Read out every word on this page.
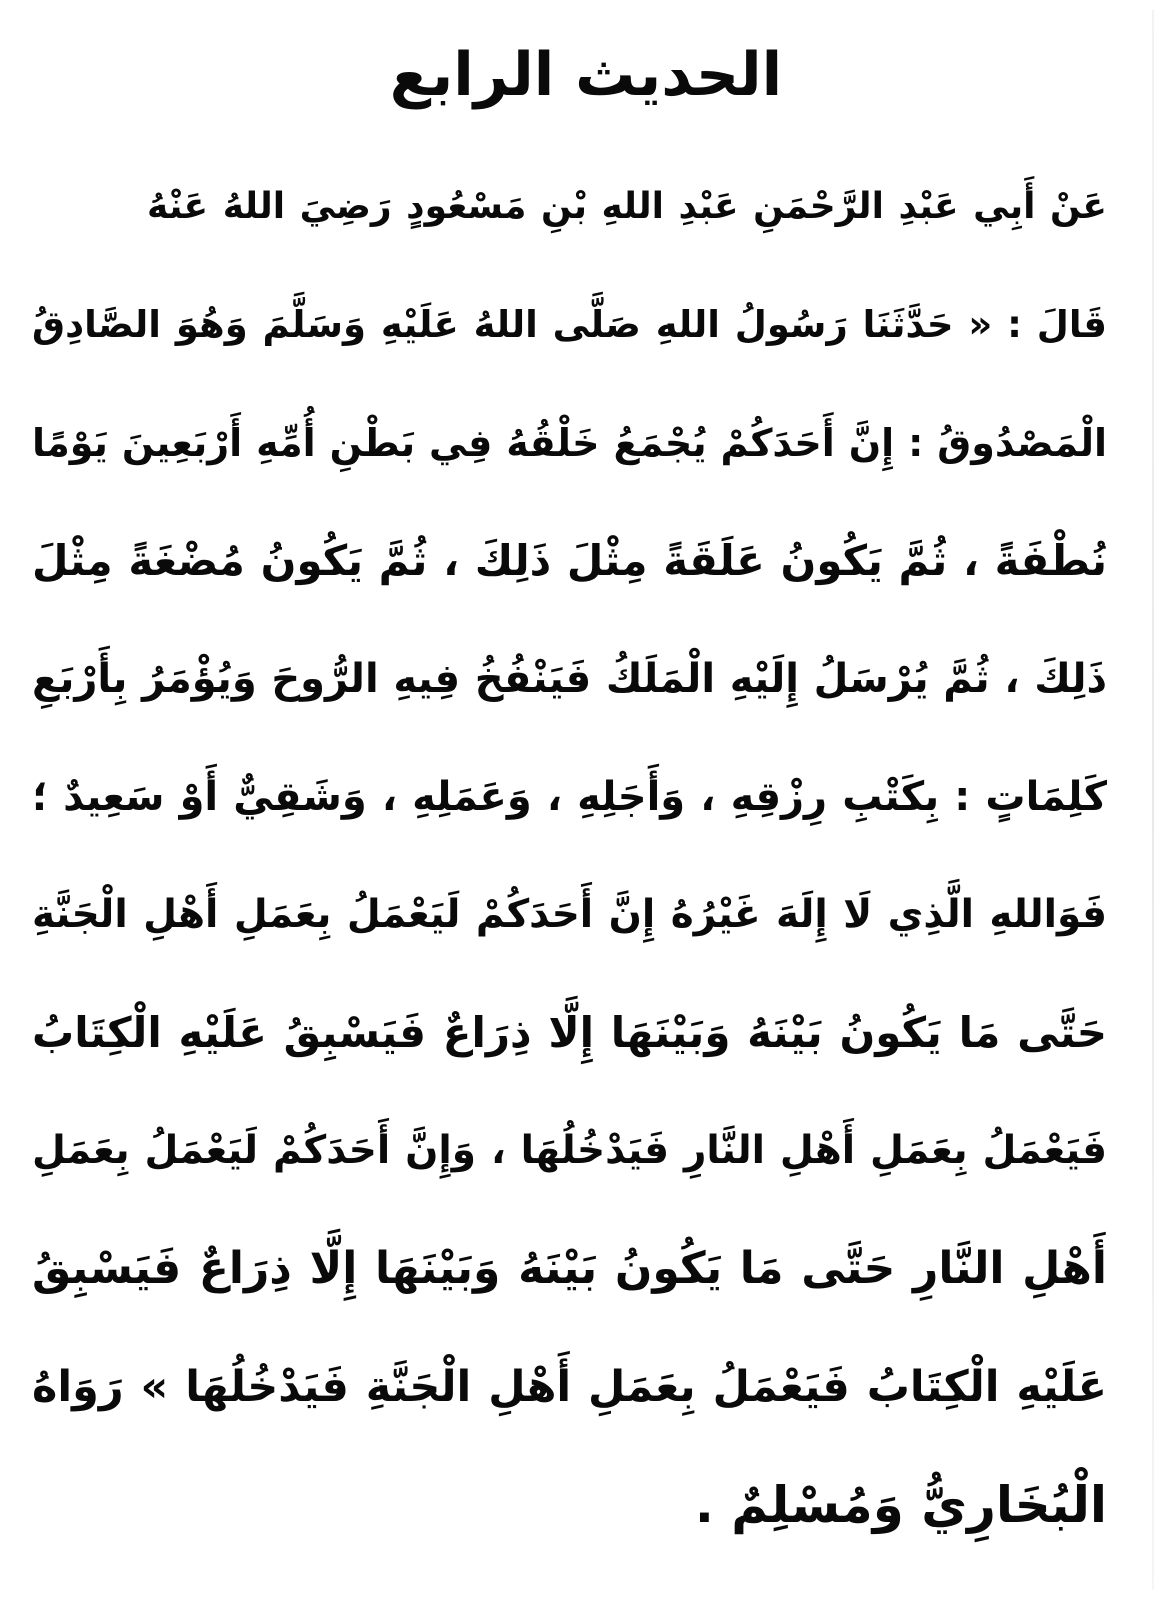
الحديث الرابع
عَنْ أَبِي عَبْدِ الرَّحْمَنِ عَبْدِ اللهِ بْنِ مَسْعُودٍ رَضِيَ اللهُ عَنْهُ
قَالَ : « حَدَّثَنَا رَسُولُ اللهِ صَلَّى اللهُ عَلَيْهِ وَسَلَّمَ وَهُوَ الصَّادِقُ
الْمَصْدُوقُ : إِنَّ أَحَدَكُمْ يُجْمَعُ خَلْقُهُ فِي بَطْنِ أُمِّهِ أَرْبَعِينَ يَوْمًا
نُطْفَةً ، ثُمَّ يَكُونُ عَلَقَةً مِثْلَ ذَلِكَ ، ثُمَّ يَكُونُ مُضْغَةً مِثْلَ
ذَلِكَ ، ثُمَّ يُرْسَلُ إِلَيْهِ الْمَلَكُ فَيَنْفُخُ فِيهِ الرُّوحَ وَيُؤْمَرُ بِأَرْبَعِ
كَلِمَاتٍ : بِكَتْبِ رِزْقِهِ ، وَأَجَلِهِ ، وَعَمَلِهِ ، وَشَقِيٌّ أَوْ سَعِيدٌ ؛
فَوَاللهِ الَّذِي لَا إِلَهَ غَيْرُهُ إِنَّ أَحَدَكُمْ لَيَعْمَلُ بِعَمَلِ أَهْلِ الْجَنَّةِ
حَتَّى مَا يَكُونُ بَيْنَهُ وَبَيْنَهَا إِلَّا ذِرَاعٌ فَيَسْبِقُ عَلَيْهِ الْكِتَابُ
فَيَعْمَلُ بِعَمَلِ أَهْلِ النَّارِ فَيَدْخُلُهَا ، وَإِنَّ أَحَدَكُمْ لَيَعْمَلُ بِعَمَلِ
أَهْلِ النَّارِ حَتَّى مَا يَكُونُ بَيْنَهُ وَبَيْنَهَا إِلَّا ذِرَاعٌ فَيَسْبِقُ
عَلَيْهِ الْكِتَابُ فَيَعْمَلُ بِعَمَلِ أَهْلِ الْجَنَّةِ فَيَدْخُلُهَا » رَوَاهُ
الْبُخَارِيُّ وَمُسْلِمٌ .
